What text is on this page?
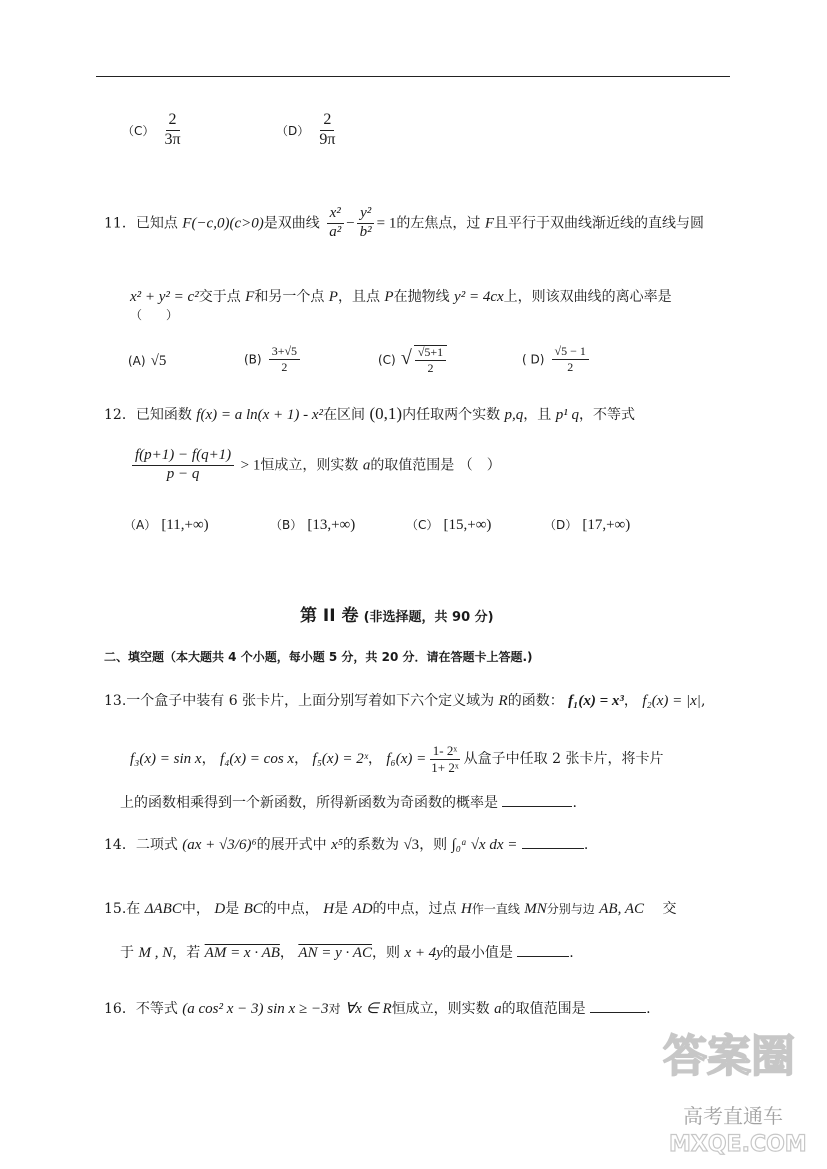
$(C) \frac{2}{3\pi}$	$(D) \frac{2}{9\pi}$
11．已知点 F(−c,0)(c>0)是双曲线 $\frac{\text{x²}}{\text{a²}} - \frac{\text{y²}}{\text{b²}} = 1$的左焦点，过 F且平行于双曲线渐近线的直线与圆
x² + y² = c²交于点 F和另一个点 P，且点 P在抛物线 y² = 4cx上，则该双曲线的离心率是
（　　）
(A) √5	$(B) \frac{3+√5}{2}$	(C) √ $\frac{√5+1}{2}$	( $D) \frac{√5 - 1}{2}$
12．已知函数 f(x) = a ln(x + 1) - x²在区间 (0,1)内任取两个实数 p,q，且 p¹ q，不等式
$\frac{f(p+1) - f(q+1)}{p - q} > 1$恒成立，则实数 a的取值范围是 （　）
（A） [11,+∞)	（B） [13,+∞)	（C） [15,+∞)	（D） [17,+∞)
第 II 卷 (非选择题，共 90 分)
二、填空题（本大题共 4 个小题，每小题 5 分，共 20 分．请在答题卡上答题.)
13.一个盒子中装有 6 张卡片，上面分别写着如下六个定义域为 R的函数： f₁(x) = x³， f₂(x) = |x|,
f₃(x) = sin x， f₄(x) = cos x， f₅(x) = 2ˣ， $f_6(x) = \frac{\text{1- 2ˣ}}{\text{1+ 2ˣ}}$ 从盒子中任取 2 张卡片，将卡片
上的函数相乘得到一个新函数，所得新函数为奇函数的概率是	.
14．二项式 (ax + √3/6)⁶的展开式中 x⁵的系数为 √3，则 ∫₀ᵃ √x dx =	.
15.在 ΔABC中， D是 BC的中点， H是 AD的中点，过点 H作一直线 MN分别与边 AB, AC 交
于 M , N，若 AM = x · AB， AN = y · AC，则 x + 4y的最小值是	.
16．不等式 (a cos² x − 3) sin x ≥ −3对 ∀x ∈ R恒成立，则实数 a的取值范围是	.
答案圈
高考直通车
MXQE.COM
